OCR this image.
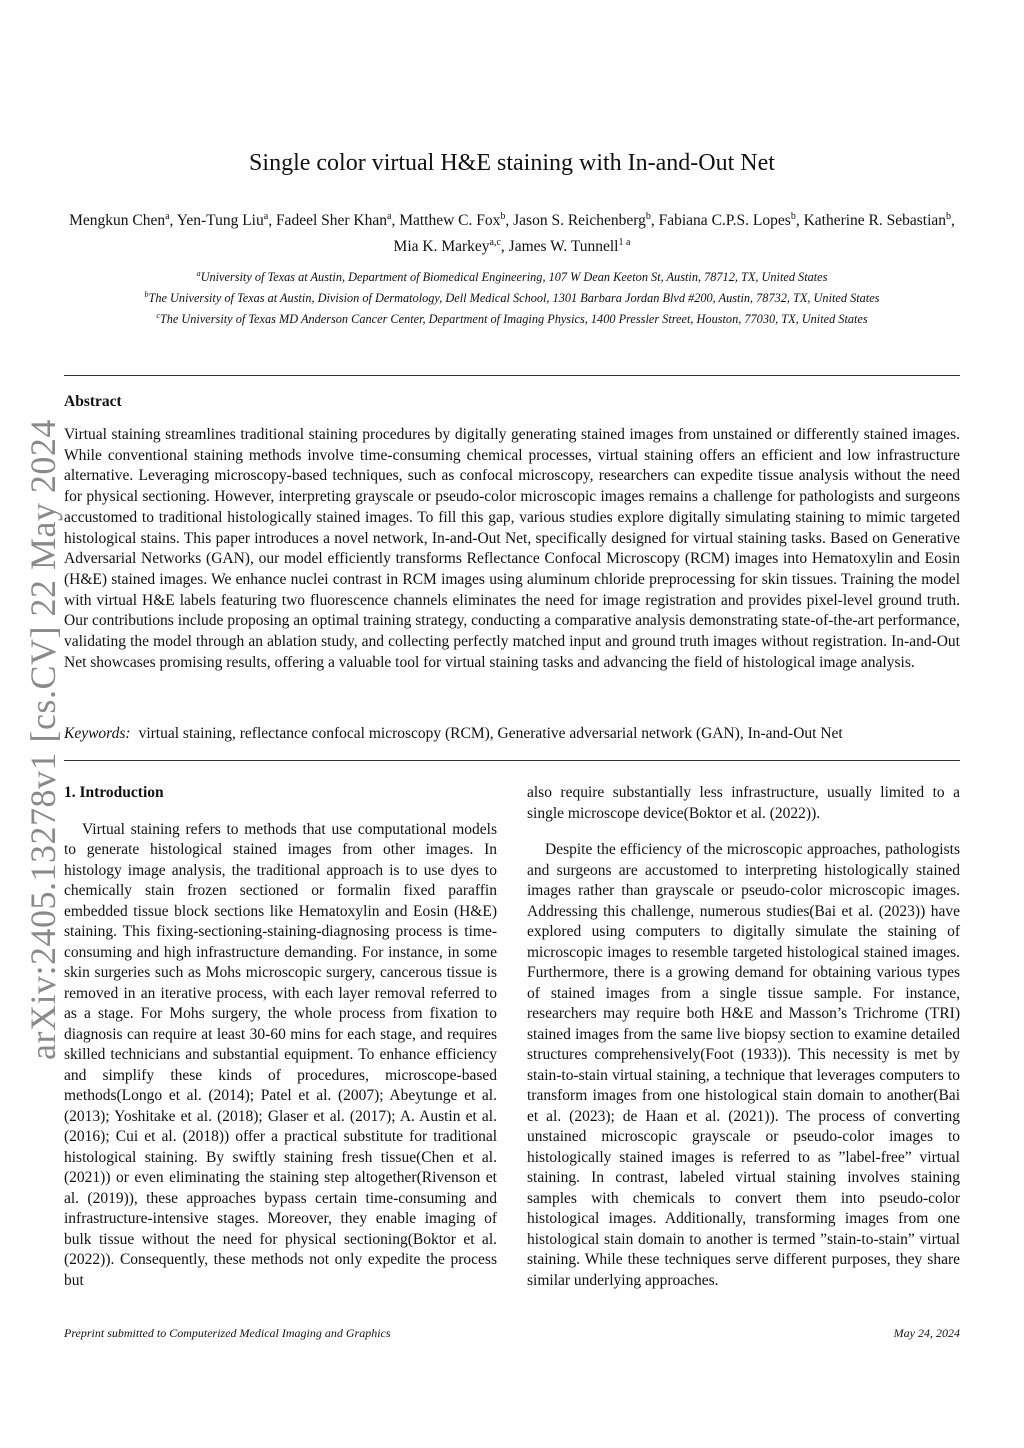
arXiv:2405.13278v1 [cs.CV] 22 May 2024
Single color virtual H&E staining with In-and-Out Net
Mengkun Chen$^a$, Yen-Tung Liu$^a$, Fadeel Sher Khan$^a$, Matthew C. Fox$^b$, Jason S. Reichenberg$^b$, Fabiana C.P.S. Lopes$^b$, Katherine R. Sebastian$^b$, Mia K. Markey$^{a,c}$, James W. Tunnell$^{1 a}$
$^a$University of Texas at Austin, Department of Biomedical Engineering, 107 W Dean Keeton St, Austin, 78712, TX, United States
$^b$The University of Texas at Austin, Division of Dermatology, Dell Medical School, 1301 Barbara Jordan Blvd #200, Austin, 78732, TX, United States
$^c$The University of Texas MD Anderson Cancer Center, Department of Imaging Physics, 1400 Pressler Street, Houston, 77030, TX, United States
Abstract
Virtual staining streamlines traditional staining procedures by digitally generating stained images from unstained or differently stained images. While conventional staining methods involve time-consuming chemical processes, virtual staining offers an efficient and low infrastructure alternative. Leveraging microscopy-based techniques, such as confocal microscopy, researchers can expedite tissue analysis without the need for physical sectioning. However, interpreting grayscale or pseudo-color microscopic images remains a challenge for pathologists and surgeons accustomed to traditional histologically stained images. To fill this gap, various studies explore digitally simulating staining to mimic targeted histological stains. This paper introduces a novel network, In-and-Out Net, specifically designed for virtual staining tasks. Based on Generative Adversarial Networks (GAN), our model efficiently transforms Reflectance Confocal Microscopy (RCM) images into Hematoxylin and Eosin (H&E) stained images. We enhance nuclei contrast in RCM images using aluminum chloride preprocessing for skin tissues. Training the model with virtual H&E labels featuring two fluorescence channels eliminates the need for image registration and provides pixel-level ground truth. Our contributions include proposing an optimal training strategy, conducting a comparative analysis demonstrating state-of-the-art performance, validating the model through an ablation study, and collecting perfectly matched input and ground truth images without registration. In-and-Out Net showcases promising results, offering a valuable tool for virtual staining tasks and advancing the field of histological image analysis.
Keywords: virtual staining, reflectance confocal microscopy (RCM), Generative adversarial network (GAN), In-and-Out Net
1. Introduction

Virtual staining refers to methods that use computational models to generate histological stained images from other images. In histology image analysis, the traditional approach is to use dyes to chemically stain frozen sectioned or formalin fixed paraffin embedded tissue block sections like Hematoxylin and Eosin (H&E) staining. This fixing-sectioning-staining-diagnosing process is time-consuming and high infrastructure demanding. For instance, in some skin surgeries such as Mohs microscopic surgery, cancerous tissue is removed in an iterative process, with each layer removal referred to as a stage. For Mohs surgery, the whole process from fixation to diagnosis can require at least 30-60 mins for each stage, and requires skilled technicians and substantial equipment. To enhance efficiency and simplify these kinds of procedures, microscope-based methods(Longo et al. (2014); Patel et al. (2007); Abeytunge et al. (2013); Yoshitake et al. (2018); Glaser et al. (2017); A. Austin et al. (2016); Cui et al. (2018)) offer a practical substitute for traditional histological staining. By swiftly staining fresh tissue(Chen et al. (2021)) or even eliminating the staining step altogether(Rivenson et al. (2019)), these approaches bypass certain time-consuming and infrastructure-intensive stages. Moreover, they enable imaging of bulk tissue without the need for physical sectioning(Boktor et al. (2022)). Consequently, these methods not only expedite the process but

also require substantially less infrastructure, usually limited to a single microscope device(Boktor et al. (2022)).

Despite the efficiency of the microscopic approaches, pathologists and surgeons are accustomed to interpreting histologically stained images rather than grayscale or pseudo-color microscopic images. Addressing this challenge, numerous studies(Bai et al. (2023)) have explored using computers to digitally simulate the staining of microscopic images to resemble targeted histological stained images. Furthermore, there is a growing demand for obtaining various types of stained images from a single tissue sample. For instance, researchers may require both H&E and Masson’s Trichrome (TRI) stained images from the same live biopsy section to examine detailed structures comprehensively(Foot (1933)). This necessity is met by stain-to-stain virtual staining, a technique that leverages computers to transform images from one histological stain domain to another(Bai et al. (2023); de Haan et al. (2021)). The process of converting unstained microscopic grayscale or pseudo-color images to histologically stained images is referred to as ”label-free” virtual staining. In contrast, labeled virtual staining involves staining samples with chemicals to convert them into pseudo-color histological images. Additionally, transforming images from one histological stain domain to another is termed ”stain-to-stain” virtual staining. While these techniques serve different purposes, they share similar underlying approaches.

Preprint submitted to Computerized Medical Imaging and Graphics	May 24, 2024
